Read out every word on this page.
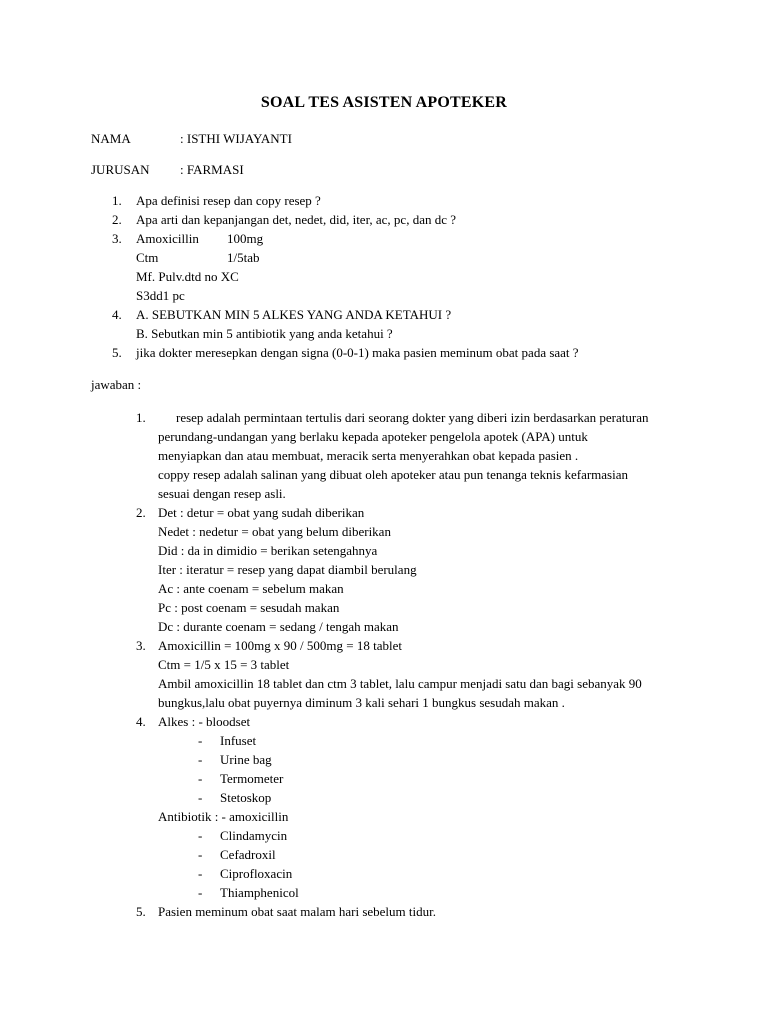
SOAL TES ASISTEN APOTEKER
NAMA	: ISTHI WIJAYANTI
JURUSAN : FARMASI
1. Apa definisi resep dan copy resep ?
2. Apa arti dan kepanjangan det, nedet, did, iter, ac, pc, dan dc ?
3. Amoxicillin 100mg
Ctm	1/5tab
Mf. Pulv.dtd no XC
S3dd1 pc
4. A. SEBUTKAN MIN 5 ALKES YANG ANDA KETAHUI ?
B. Sebutkan min 5 antibiotik yang anda ketahui ?
5. jika dokter meresepkan dengan signa (0-0-1) maka pasien meminum obat pada saat ?
jawaban :
1. resep adalah permintaan tertulis dari seorang dokter yang diberi izin berdasarkan peraturan
perundang-undangan yang berlaku kepada apoteker pengelola apotek (APA) untuk
menyiapkan dan atau membuat, meracik serta menyerahkan obat kepada pasien .
coppy resep adalah salinan yang dibuat oleh apoteker atau pun tenanga teknis kefarmasian
sesuai dengan resep asli.
2. Det : detur = obat yang sudah diberikan
Nedet : nedetur = obat yang belum diberikan
Did : da in dimidio = berikan setengahnya
Iter : iteratur = resep yang dapat diambil berulang
Ac : ante coenam = sebelum makan
Pc : post coenam = sesudah makan
Dc : durante coenam = sedang / tengah makan
3. Amoxicillin = 100mg x 90 / 500mg = 18 tablet
Ctm = 1/5 x 15 = 3 tablet
Ambil amoxicillin 18 tablet dan ctm 3 tablet, lalu campur menjadi satu dan bagi sebanyak 90
bungkus,lalu obat puyernya diminum 3 kali sehari 1 bungkus sesudah makan .
4. Alkes : - bloodset
- Infuset
- Urine bag
- Termometer
- Stetoskop
Antibiotik : - amoxicillin
- Clindamycin
- Cefadroxil
- Ciprofloxacin
- Thiamphenicol
5. Pasien meminum obat saat malam hari sebelum tidur.
